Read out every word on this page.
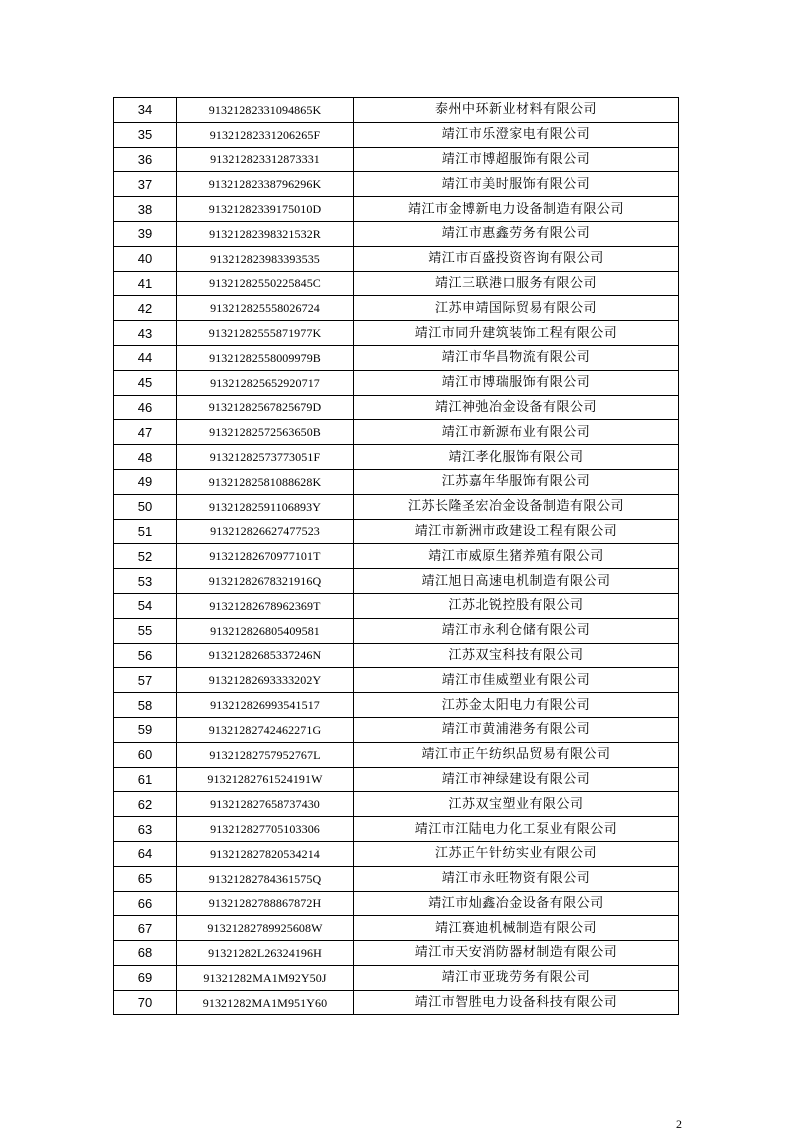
34	91321282331094865K	泰州中环新业材料有限公司
35	91321282331206265F	靖江市乐澄家电有限公司
36	913212823312873331	靖江市博超服饰有限公司
37	91321282338796296K	靖江市美时服饰有限公司
38	91321282339175010D	靖江市金博新电力设备制造有限公司
39	91321282398321532R	靖江市惠鑫劳务有限公司
40	913212823983393535	靖江市百盛投资咨询有限公司
41	91321282550225845C	靖江三联港口服务有限公司
42	913212825558026724	江苏申靖国际贸易有限公司
43	91321282555871977K	靖江市同升建筑装饰工程有限公司
44	91321282558009979B	靖江市华昌物流有限公司
45	913212825652920717	靖江市博瑞服饰有限公司
46	91321282567825679D	靖江神弛冶金设备有限公司
47	91321282572563650B	靖江市新源布业有限公司
48	91321282573773051F	靖江孝化服饰有限公司
49	91321282581088628K	江苏嘉年华服饰有限公司
50	91321282591106893Y	江苏长隆圣宏冶金设备制造有限公司
51	913212826627477523	靖江市新洲市政建设工程有限公司
52	91321282670977101T	靖江市威原生猪养殖有限公司
53	91321282678321916Q	靖江旭日高速电机制造有限公司
54	91321282678962369T	江苏北锐控股有限公司
55	913212826805409581	靖江市永利仓储有限公司
56	91321282685337246N	江苏双宝科技有限公司
57	91321282693333202Y	靖江市佳威塑业有限公司
58	913212826993541517	江苏金太阳电力有限公司
59	91321282742462271G	靖江市黄浦港务有限公司
60	91321282757952767L	靖江市正午纺织品贸易有限公司
61	91321282761524191W	靖江市神绿建设有限公司
62	913212827658737430	江苏双宝塑业有限公司
63	913212827705103306	靖江市江陆电力化工泵业有限公司
64	913212827820534214	江苏正午针纺实业有限公司
65	91321282784361575Q	靖江市永旺物资有限公司
66	91321282788867872H	靖江市灿鑫冶金设备有限公司
67	91321282789925608W	靖江赛迪机械制造有限公司
68	91321282L26324196H	靖江市天安消防器材制造有限公司
69	91321282MA1M92Y50J	靖江市亚珑劳务有限公司
70	91321282MA1M951Y60	靖江市智胜电力设备科技有限公司
2
